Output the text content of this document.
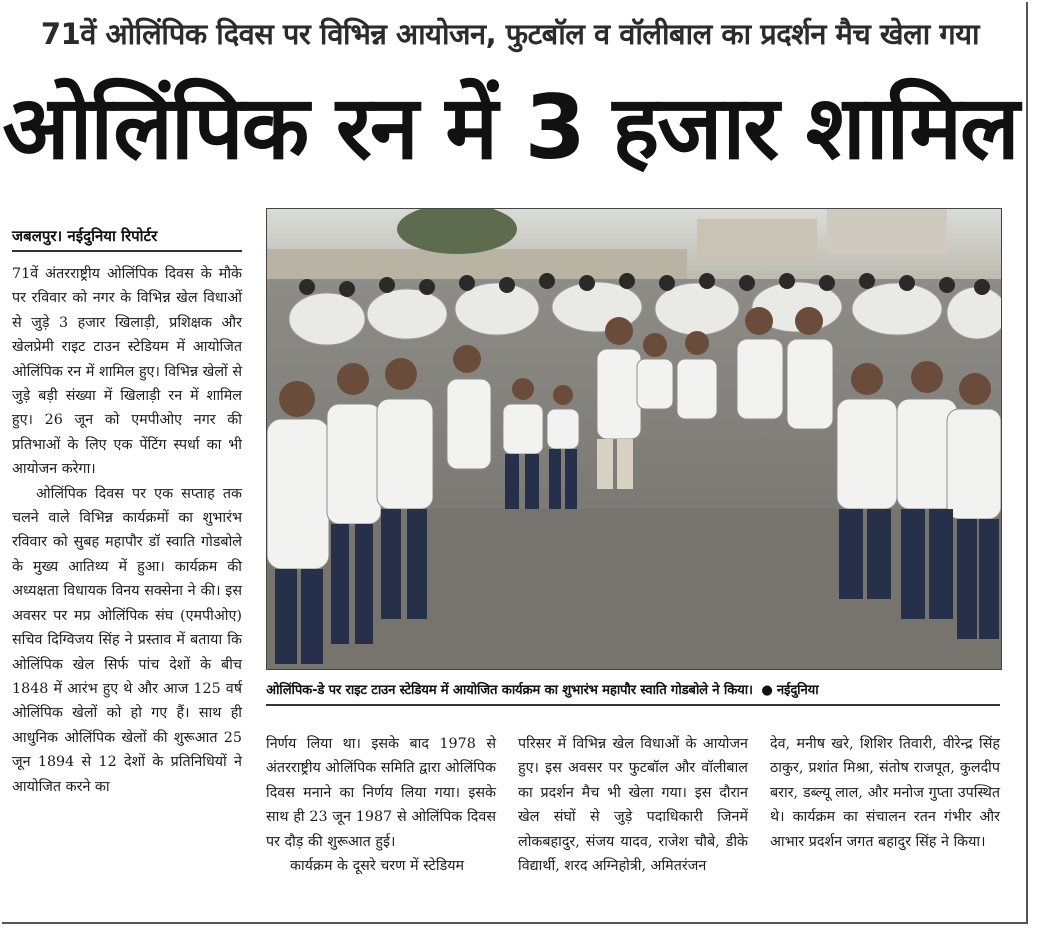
71वें ओलिंपिक दिवस पर विभिन्न आयोजन, फुटबॉल व वॉलीबाल का प्रदर्शन मैच खेला गया
ओलिंपिक रन में 3 हजार शामिल
जबलपुर। नईदुनिया रिपोर्टर

71वें अंतरराष्ट्रीय ओलिंपिक दिवस के मौके पर रविवार को नगर के विभिन्न खेल विधाओं से जुड़े 3 हजार खिलाड़ी, प्रशिक्षक और खेलप्रेमी राइट टाउन स्टेडियम में आयोजित ओलिंपिक रन में शामिल हुए। विभिन्न खेलों से जुड़े बड़ी संख्या में खिलाड़ी रन में शामिल हुए। 26 जून को एमपीओए नगर की प्रतिभाओं के लिए एक पेंटिंग स्पर्धा का भी आयोजन करेगा।

ओलिंपिक दिवस पर एक सप्ताह तक चलने वाले विभिन्न कार्यक्रमों का शुभारंभ रविवार को सुबह महापौर डॉ स्वाति गोडबोले के मुख्य आतिथ्य में हुआ। कार्यक्रम की अध्यक्षता विधायक विनय सक्सेना ने की। इस अवसर पर मप्र ओलिंपिक संघ (एमपीओए) सचिव दिग्विजय सिंह ने प्रस्ताव में बताया कि ओलिंपिक खेल सिर्फ पांच देशों के बीच 1848 में आरंभ हुए थे और आज 125 वर्ष ओलिंपिक खेलों को हो गए हैं। साथ ही आधुनिक ओलिंपिक खेलों की शुरूआत 25 जून 1894 से 12 देशों के प्रतिनिधियों ने आयोजित करने का

ओलिंपिक-डे पर राइट टाउन स्टेडियम में आयोजित कार्यक्रम का शुभारंभ महापौर स्वाति गोडबोले ने किया। ● नईदुनिया

निर्णय लिया था। इसके बाद 1978 से अंतरराष्ट्रीय ओलिंपिक समिति द्वारा ओलिंपिक दिवस मनाने का निर्णय लिया गया। इसके साथ ही 23 जून 1987 से ओलिंपिक दिवस पर दौड़ की शुरूआत हुई।

कार्यक्रम के दूसरे चरण में स्टेडियम

परिसर में विभिन्न खेल विधाओं के आयोजन हुए। इस अवसर पर फुटबॉल और वॉलीबाल का प्रदर्शन मैच भी खेला गया। इस दौरान खेल संघों से जुड़े पदाधिकारी जिनमें लोकबहादुर, संजय यादव, राजेश चौबे, डीके विद्यार्थी, शरद अग्निहोत्री, अमितरंजन

देव, मनीष खरे, शिशिर तिवारी, वीरेन्द्र सिंह ठाकुर, प्रशांत मिश्रा, संतोष राजपूत, कुलदीप बरार, डब्ल्यू लाल, और मनोज गुप्ता उपस्थित थे। कार्यक्रम का संचालन रतन गंभीर और आभार प्रदर्शन जगत बहादुर सिंह ने किया।
